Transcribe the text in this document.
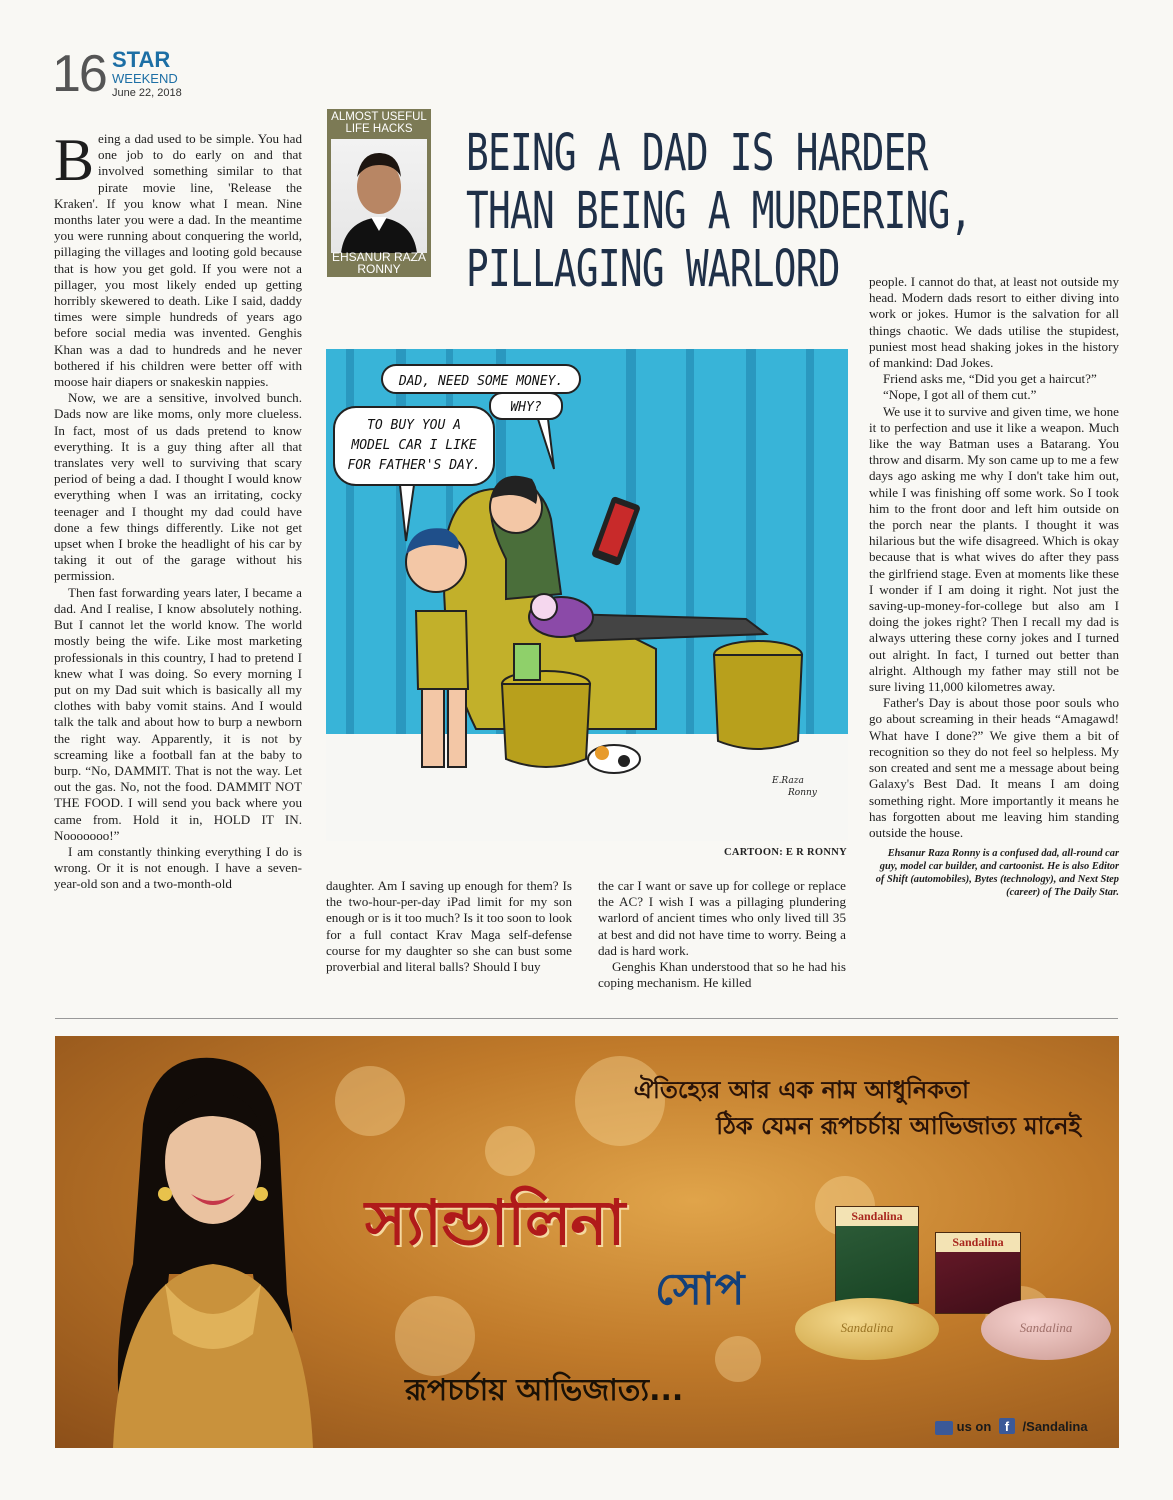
16 STAR
WEEKEND
June 22, 2018

Being a dad used to be simple. You had one job to do early on and that involved something similar to that pirate movie line, 'Release the Kraken'. If you know what I mean. Nine months later you were a dad. In the meantime you were running about conquering the world, pillaging the villages and looting gold because that is how you get gold. If you were not a pillager, you most likely ended up getting horribly skewered to death. Like I said, daddy times were simple hundreds of years ago before social media was invented. Genghis Khan was a dad to hundreds and he never bothered if his children were better off with moose hair diapers or snakeskin nappies.

Now, we are a sensitive, involved bunch. Dads now are like moms, only more clueless. In fact, most of us dads pretend to know everything. It is a guy thing after all that translates very well to surviving that scary period of being a dad. I thought I would know everything when I was an irritating, cocky teenager and I thought my dad could have done a few things differently. Like not get upset when I broke the headlight of his car by taking it out of the garage without his permission.

Then fast forwarding years later, I became a dad. And I realise, I know absolutely nothing. But I cannot let the world know. The world mostly being the wife. Like most marketing professionals in this country, I had to pretend I knew what I was doing. So every morning I put on my Dad suit which is basically all my clothes with baby vomit stains. And I would talk the talk and about how to burp a newborn the right way. Apparently, it is not by screaming like a football fan at the baby to burp. “No, DAMMIT. That is not the way. Let out the gas. No, not the food. DAMMIT NOT THE FOOD. I will send you back where you came from. Hold it in, HOLD IT IN. Nooooooo!”

I am constantly thinking everything I do is wrong. Or it is not enough. I have a seven-year-old son and a two-month-old

ALMOST USEFUL LIFE HACKS
EHSANUR RAZA RONNY
BEING A DAD IS HARDER
THAN BEING A MURDERING,
PILLAGING WARLORD
DAD, NEED SOME MONEY.
WHY?
TO BUY YOU A
MODEL CAR I LIKE
FOR FATHER'S DAY.
E.Raza
Ronny
CARTOON: E R RONNY

daughter. Am I saving up enough for them? Is the two-hour-per-day iPad limit for my son enough or is it too much? Is it too soon to look for a full contact Krav Maga self-defense course for my daughter so she can bust some proverbial and literal balls? Should I buy

the car I want or save up for college or replace the AC? I wish I was a pillaging plundering warlord of ancient times who only lived till 35 at best and did not have time to worry. Being a dad is hard work.

Genghis Khan understood that so he had his coping mechanism. He killed

people. I cannot do that, at least not outside my head. Modern dads resort to either diving into work or jokes. Humor is the salvation for all things chaotic. We dads utilise the stupidest, puniest most head shaking jokes in the history of mankind: Dad Jokes.

Friend asks me, “Did you get a haircut?”

“Nope, I got all of them cut.”

We use it to survive and given time, we hone it to perfection and use it like a weapon. Much like the way Batman uses a Batarang. You throw and disarm. My son came up to me a few days ago asking me why I don't take him out, while I was finishing off some work. So I took him to the front door and left him outside on the porch near the plants. I thought it was hilarious but the wife disagreed. Which is okay because that is what wives do after they pass the girlfriend stage. Even at moments like these I wonder if I am doing it right. Not just the saving-up-money-for-college but also am I doing the jokes right? Then I recall my dad is always uttering these corny jokes and I turned out alright. In fact, I turned out better than alright. Although my father may still not be sure living 11,000 kilometres away.

Father's Day is about those poor souls who go about screaming in their heads “Amagawd! What have I done?” We give them a bit of recognition so they do not feel so helpless. My son created and sent me a message about being Galaxy's Best Dad. It means I am doing something right. More importantly it means he has forgotten about me leaving him standing outside the house.

Ehsanur Raza Ronny is a confused dad, all-round car guy, model car builder, and cartoonist. He is also Editor of Shift (automobiles), Bytes (technology), and Next Step (career) of The Daily Star.

ঐতিহ্যের আর এক নাম আধুনিকতা
ঠিক যেমন রূপচর্চায় আভিজাত্য মানেই
স্যান্ডালিনা
সোপ
রূপচর্চায় আভিজাত্য...
Sandalina
Sandalina
Sandalina	Sandalina
us on f /Sandalina
